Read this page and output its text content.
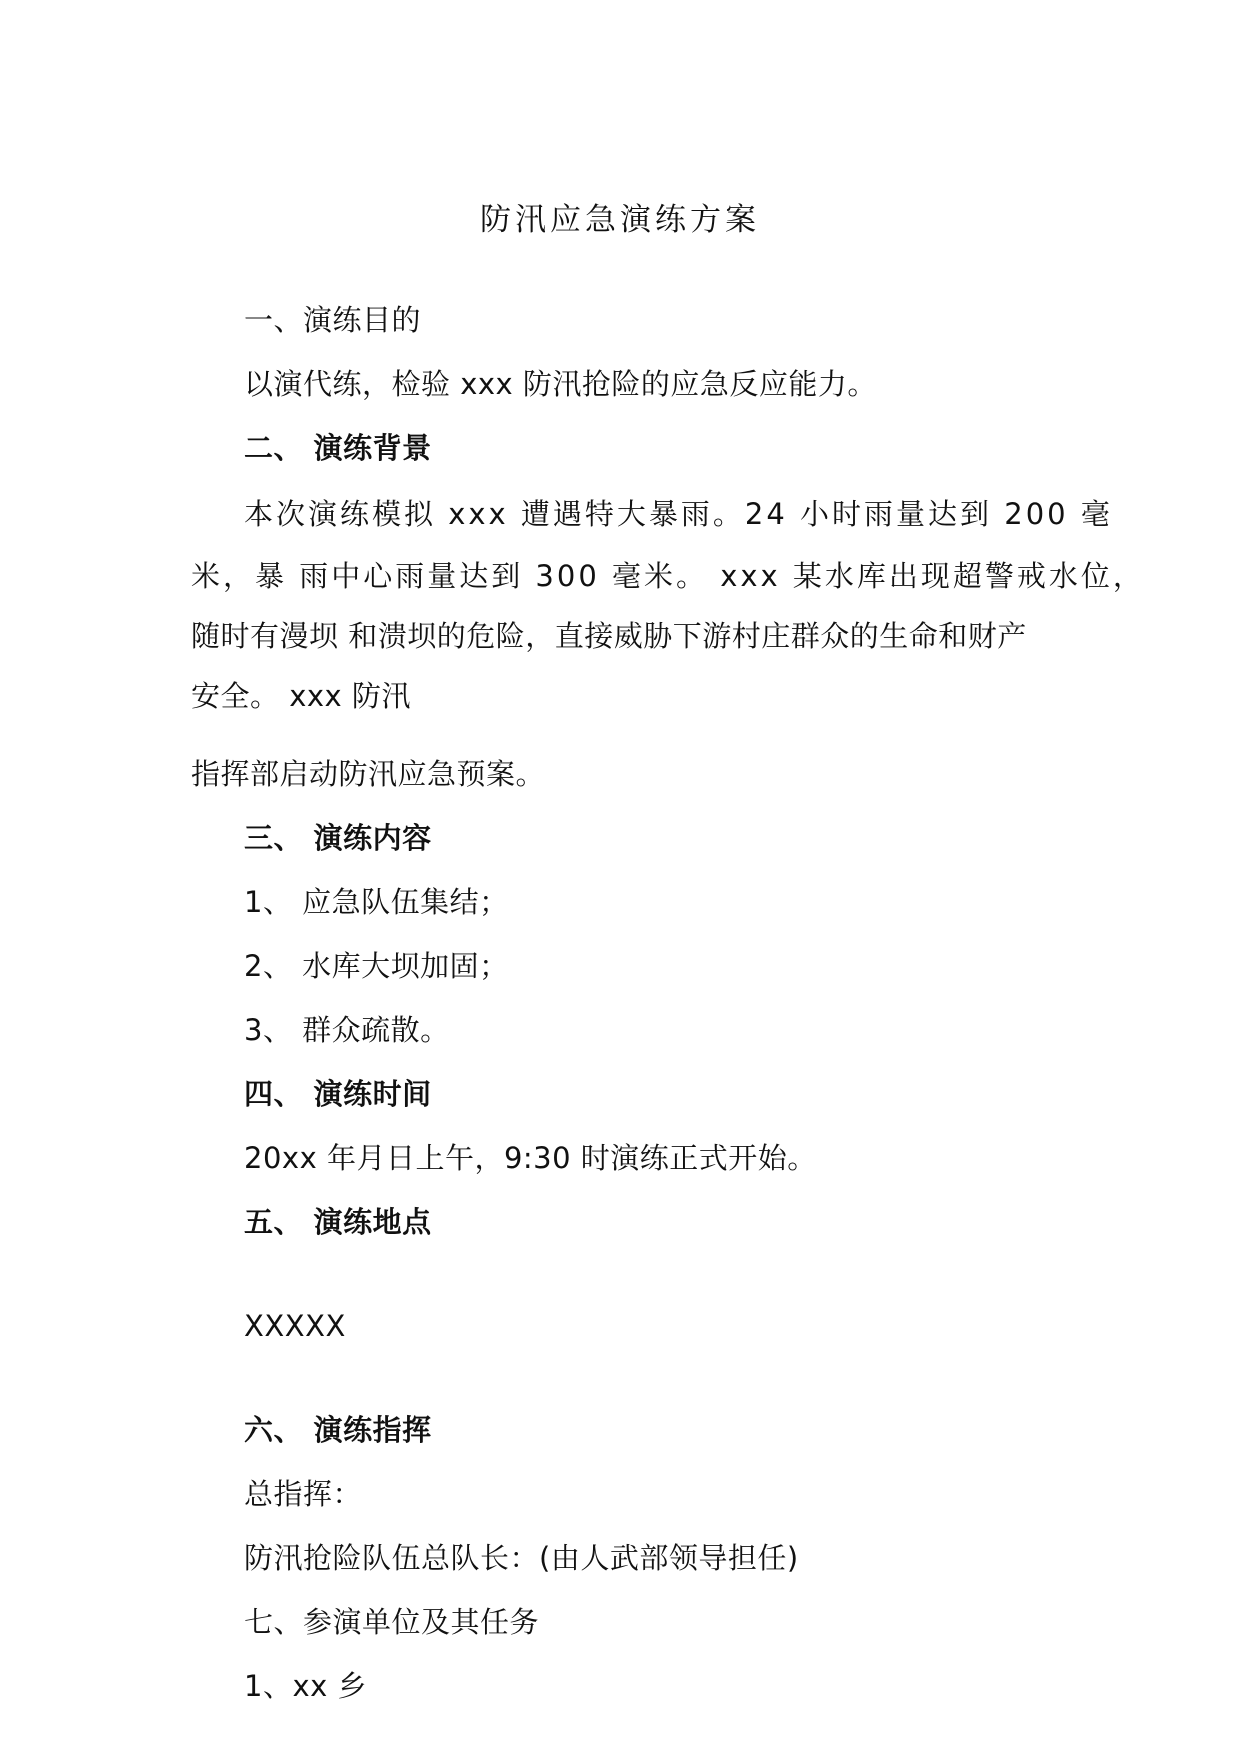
防汛应急演练方案
一、演练目的
以演代练，检验 xxx 防汛抢险的应急反应能力。
二、 演练背景
本次演练模拟 xxx 遭遇特大暴雨。24 小时雨量达到 200 毫
米，暴 雨中心雨量达到 300 毫米。 xxx 某水库出现超警戒水位，
随时有漫坝 和溃坝的危险，直接威胁下游村庄群众的生命和财产
安全。 xxx 防汛
指挥部启动防汛应急预案。
三、 演练内容
1、 应急队伍集结；
2、 水库大坝加固；
3、 群众疏散。
四、 演练时间
20xx 年月日上午，9:30 时演练正式开始。
五、 演练地点
XXXXX
六、 演练指挥
总指挥：
防汛抢险队伍总队长：(由人武部领导担任)
七、参演单位及其任务
1、xx 乡
